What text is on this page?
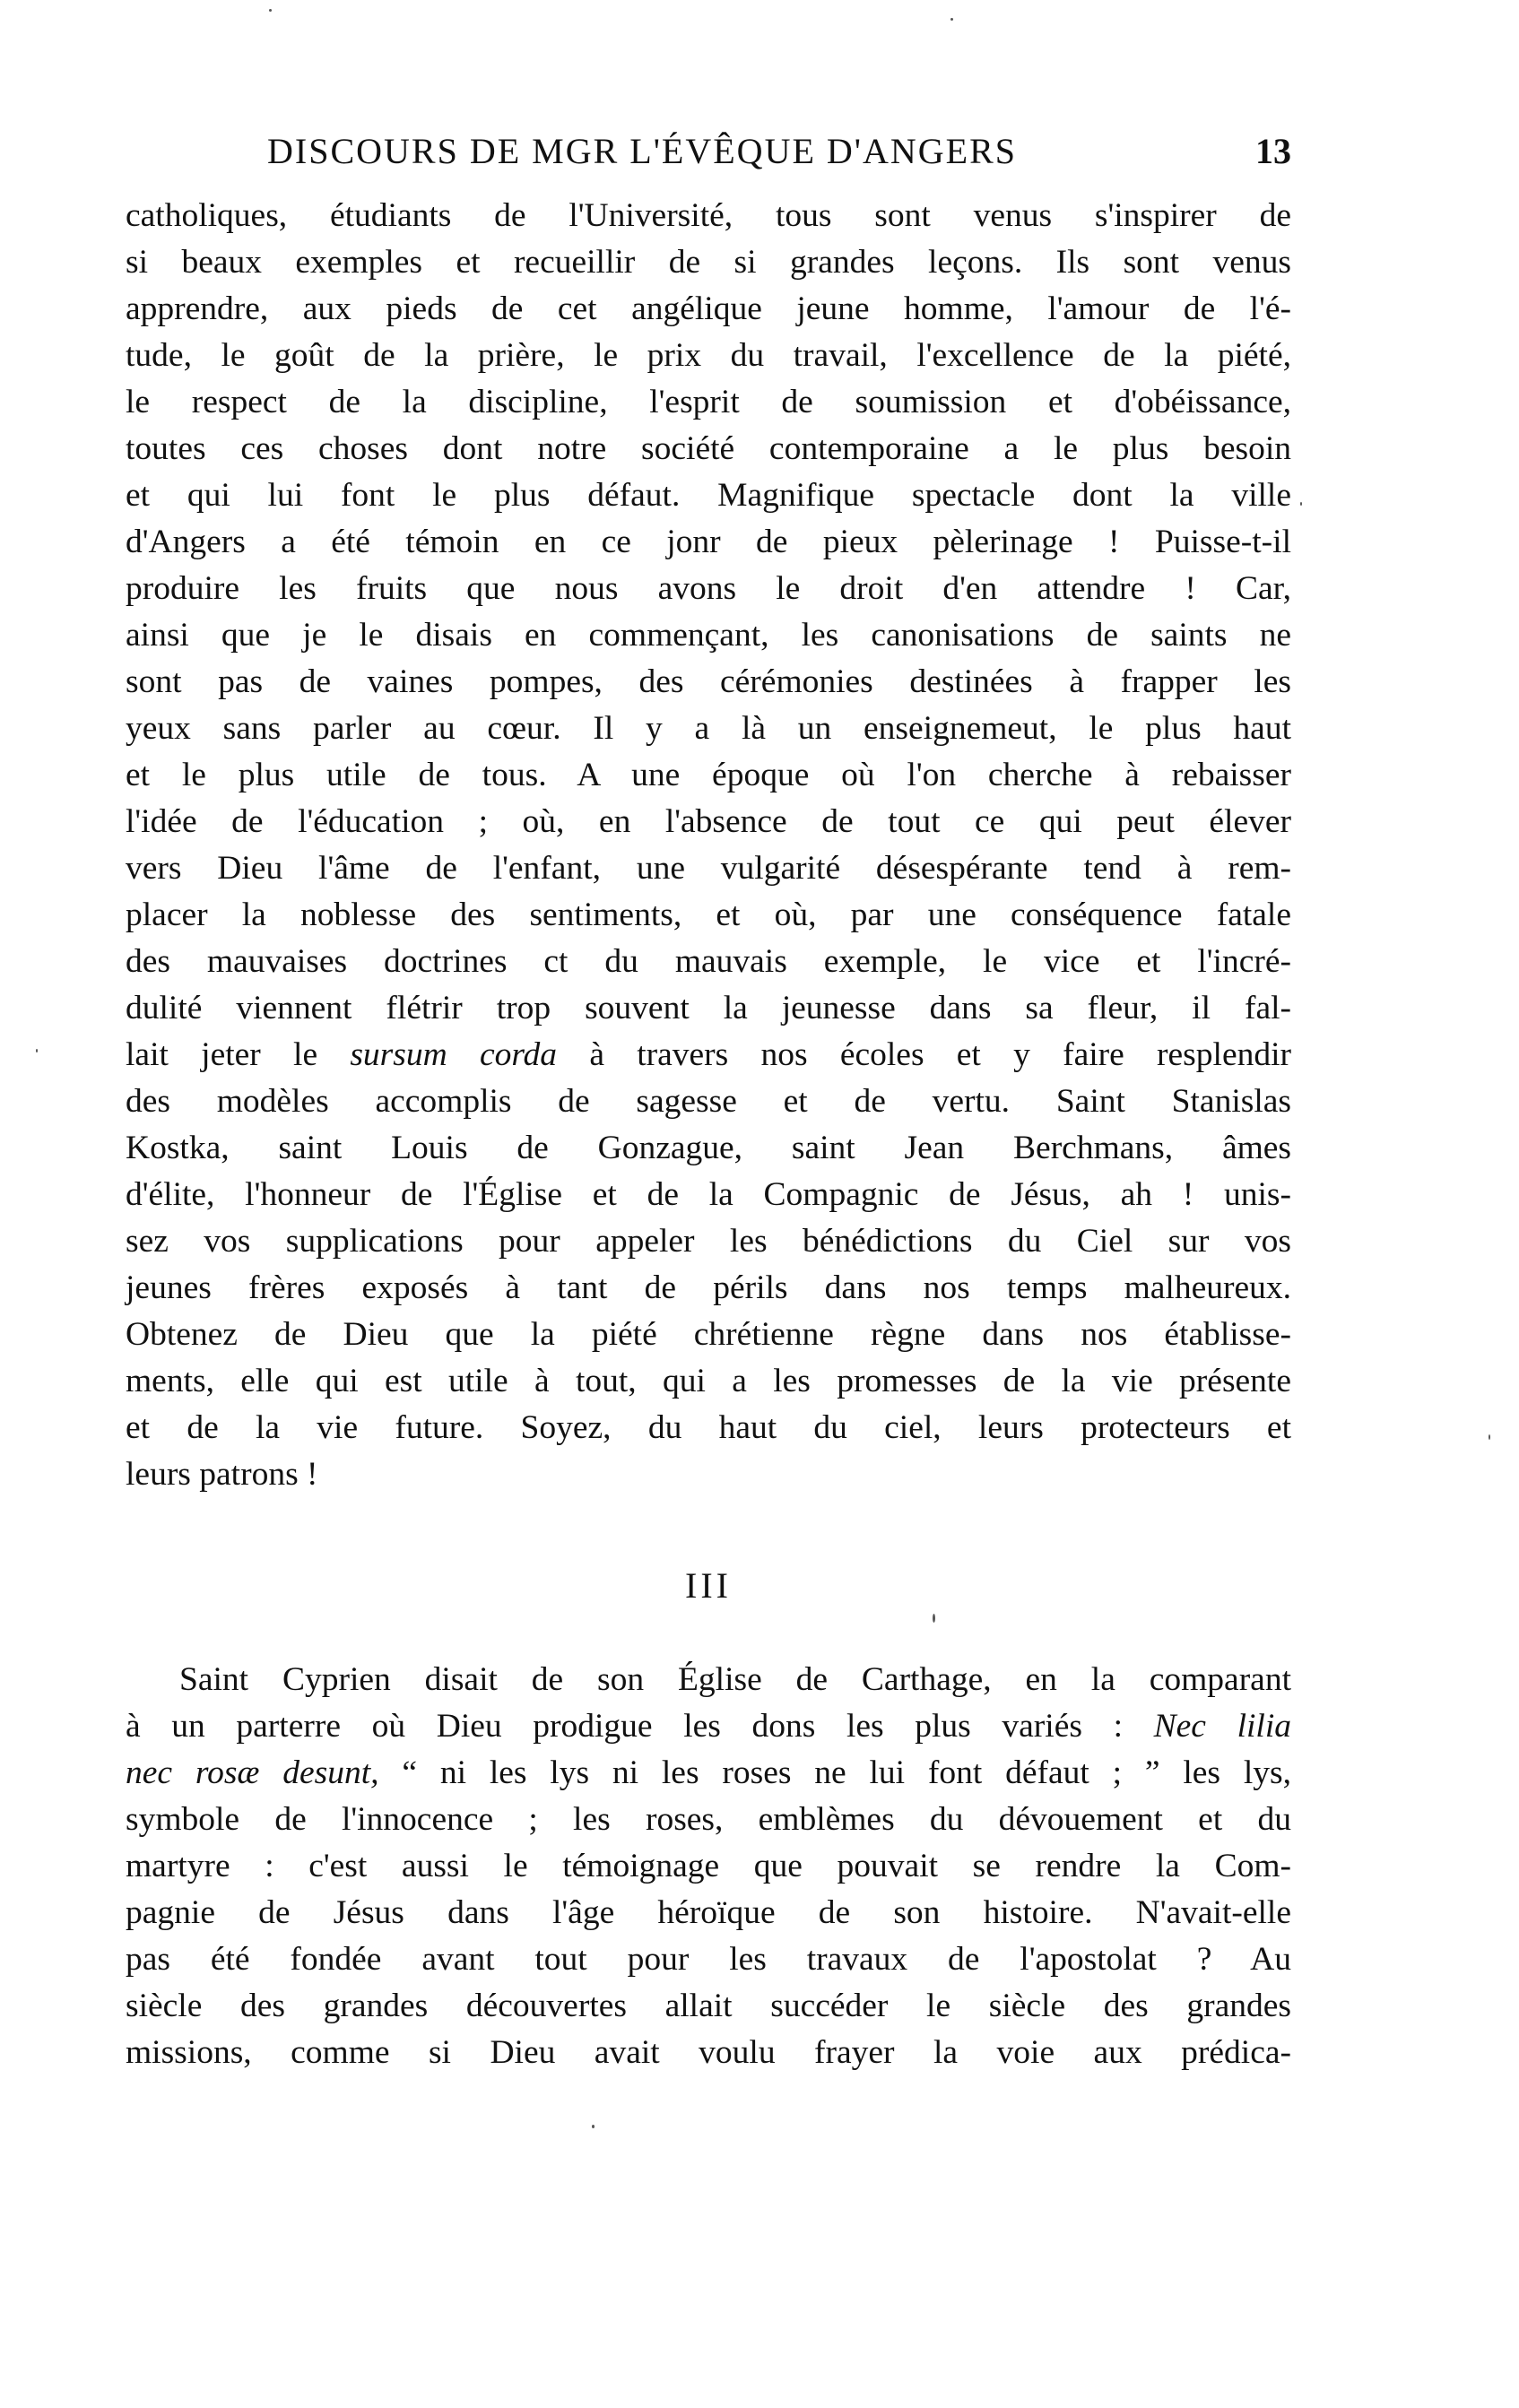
DISCOURS DE MGR L'ÉVÊQUE D'ANGERS	13
catholiques, étudiants de l'Université, tous sont venus s'inspirer de
si beaux exemples et recueillir de si grandes leçons. Ils sont venus
apprendre, aux pieds de cet angélique jeune homme, l'amour de l'é-
tude, le goût de la prière, le prix du travail, l'excellence de la piété,
le respect de la discipline, l'esprit de soumission et d'obéissance,
toutes ces choses dont notre société contemporaine a le plus besoin
et qui lui font le plus défaut. Magnifique spectacle dont la ville
d'Angers a été témoin en ce jonr de pieux pèlerinage ! Puisse-t-il
produire les fruits que nous avons le droit d'en attendre ! Car,
ainsi que je le disais en commençant, les canonisations de saints ne
sont pas de vaines pompes, des cérémonies destinées à frapper les
yeux sans parler au cœur. Il y a là un enseignemeut, le plus haut
et le plus utile de tous. A une époque où l'on cherche à rebaisser
l'idée de l'éducation ; où, en l'absence de tout ce qui peut élever
vers Dieu l'âme de l'enfant, une vulgarité désespérante tend à rem-
placer la noblesse des sentiments, et où, par une conséquence fatale
des mauvaises doctrines ct du mauvais exemple, le vice et l'incré-
dulité viennent flétrir trop souvent la jeunesse dans sa fleur, il fal-
lait jeter le sursum corda à travers nos écoles et y faire resplendir
des modèles accomplis de sagesse et de vertu. Saint Stanislas
Kostka, saint Louis de Gonzague, saint Jean Berchmans, âmes
d'élite, l'honneur de l'Église et de la Compagnic de Jésus, ah ! unis-
sez vos supplications pour appeler les bénédictions du Ciel sur vos
jeunes frères exposés à tant de périls dans nos temps malheureux.
Obtenez de Dieu que la piété chrétienne règne dans nos établisse-
ments, elle qui est utile à tout, qui a les promesses de la vie présente
et de la vie future. Soyez, du haut du ciel, leurs protecteurs et
leurs patrons !
III
Saint Cyprien disait de son Église de Carthage, en la comparant
à un parterre où Dieu prodigue les dons les plus variés : Nec lilia
nec rosæ desunt, “ ni les lys ni les roses ne lui font défaut ; ” les lys,
symbole de l'innocence ; les roses, emblèmes du dévouement et du
martyre : c'est aussi le témoignage que pouvait se rendre la Com-
pagnie de Jésus dans l'âge héroïque de son histoire. N'avait-elle
pas été fondée avant tout pour les travaux de l'apostolat ? Au
siècle des grandes découvertes allait succéder le siècle des grandes
missions, comme si Dieu avait voulu frayer la voie aux prédica-
